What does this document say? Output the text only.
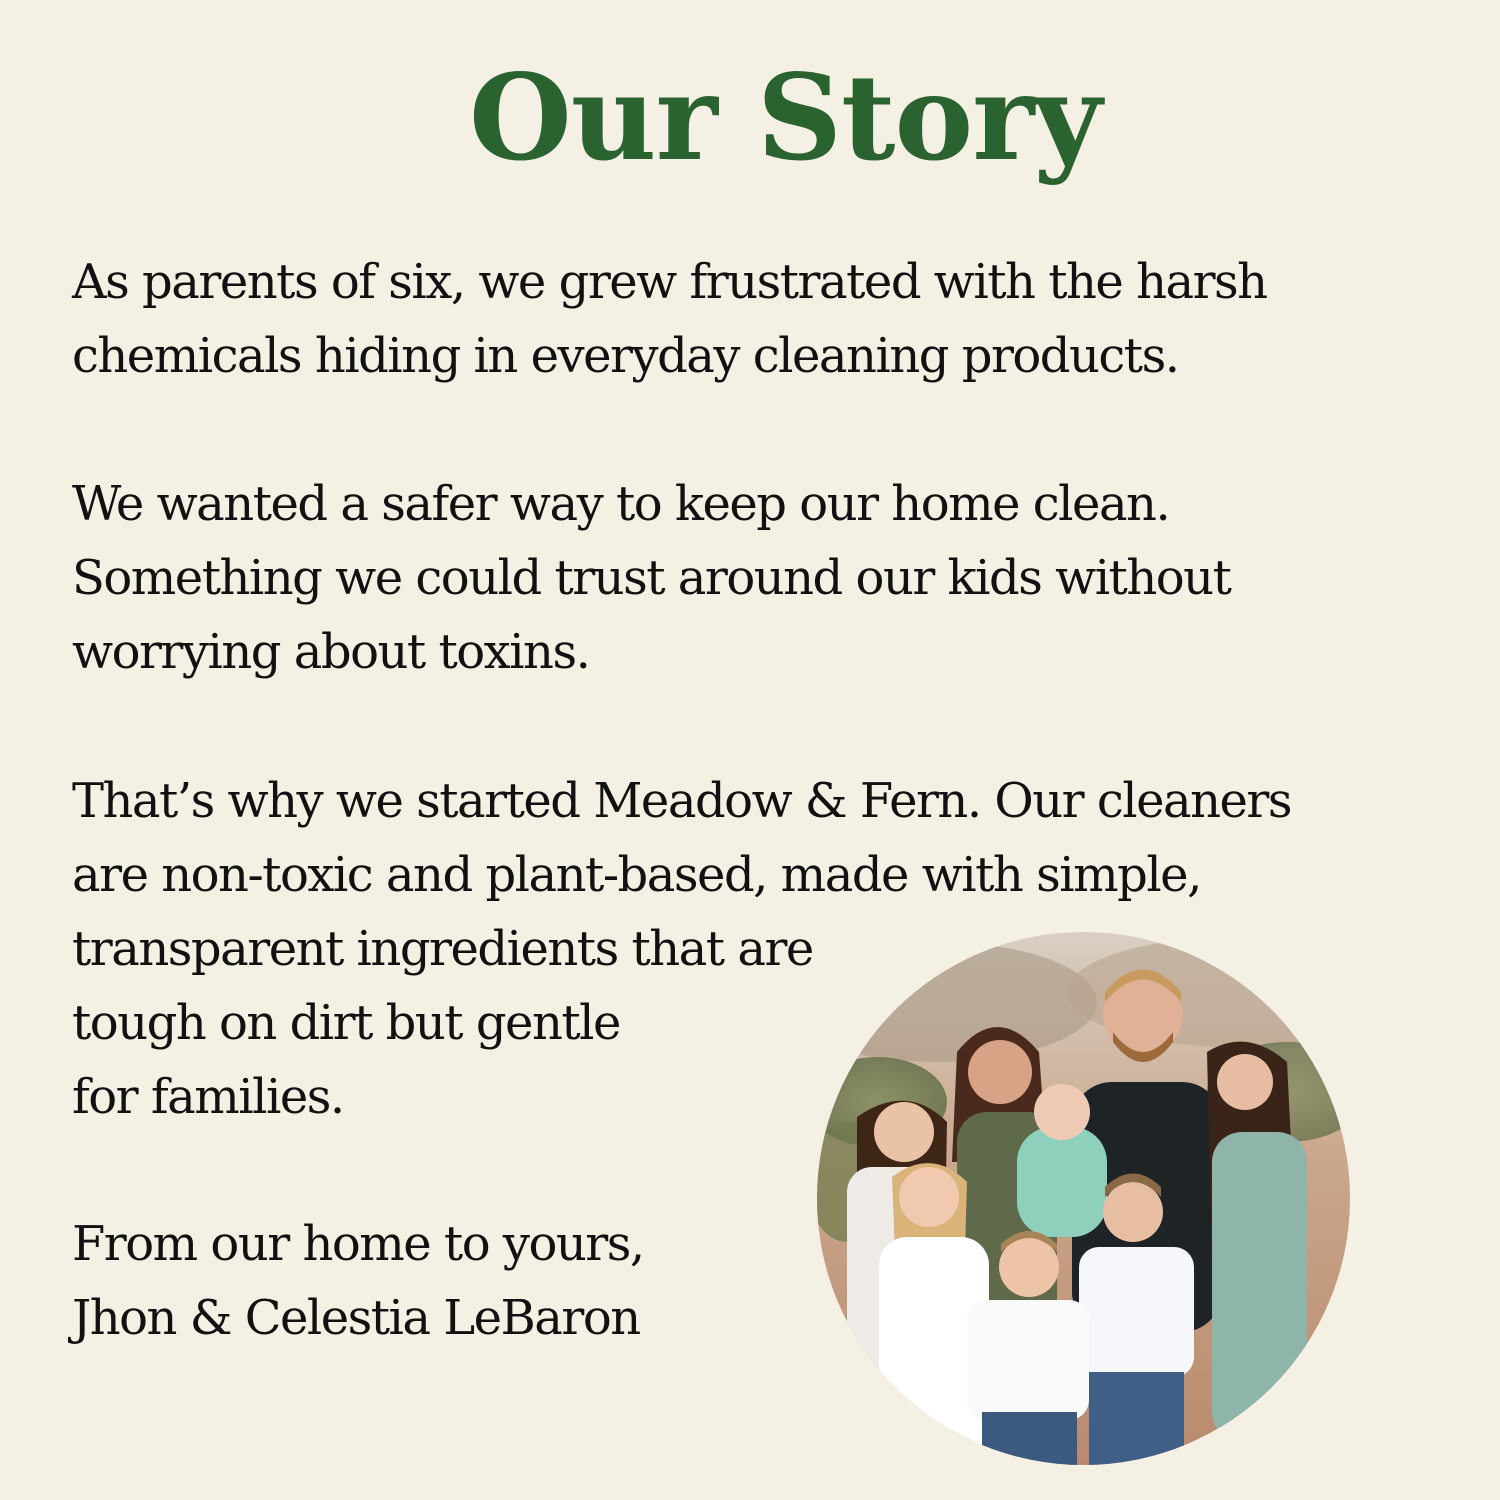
Our Story

As parents of six, we grew frustrated with the harsh
chemicals hiding in everyday cleaning products.

We wanted a safer way to keep our home clean.
Something we could trust around our kids without
worrying about toxins.

That’s why we started Meadow & Fern. Our cleaners
are non-toxic and plant-based, made with simple,
transparent ingredients that are
tough on dirt but gentle
for families.

From our home to yours,
Jhon & Celestia LeBaron
